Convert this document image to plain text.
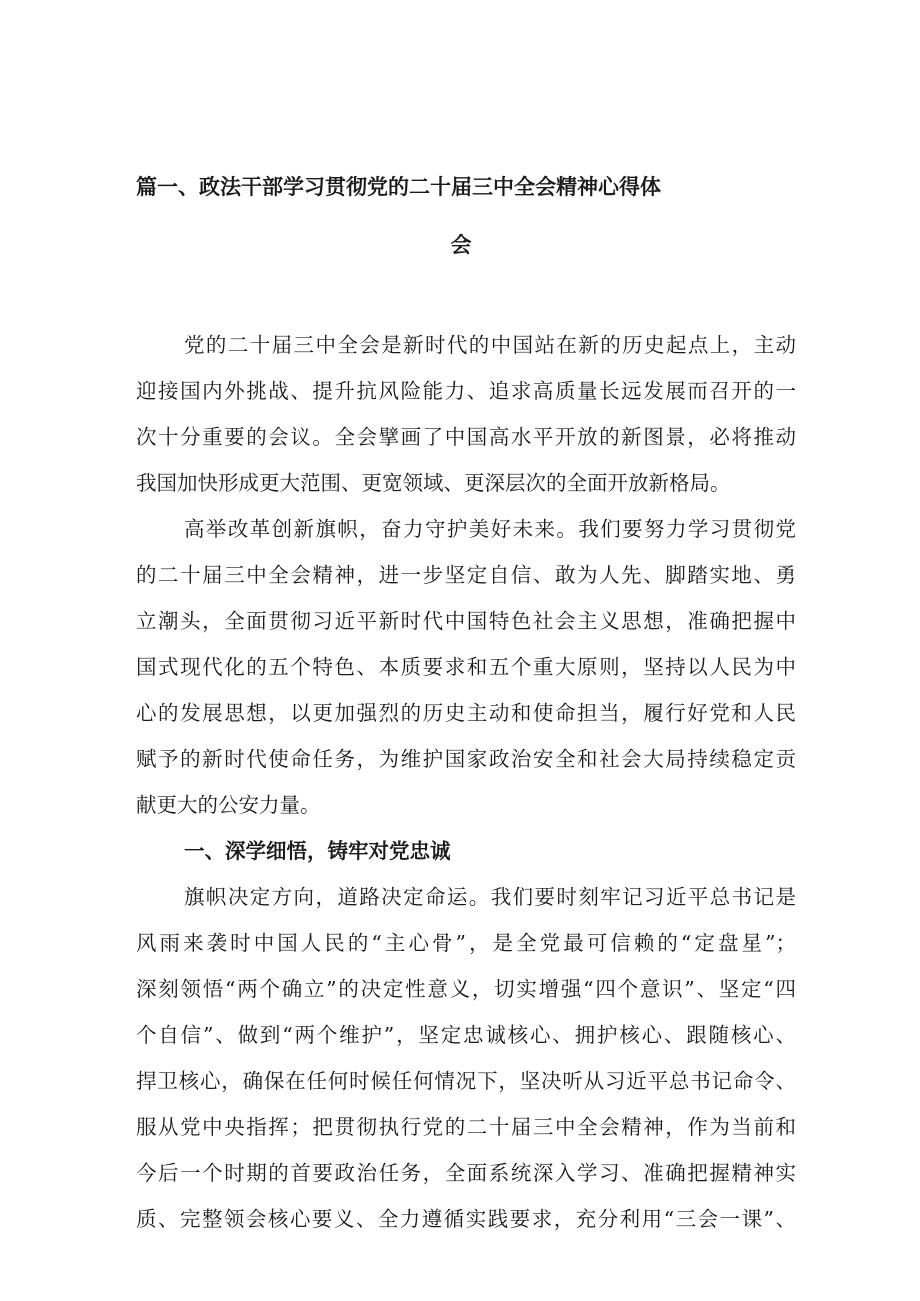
篇一、政法干部学习贯彻党的二十届三中全会精神心得体
会

党的二十届三中全会是新时代的中国站在新的历史起点上，主动

迎接国内外挑战、提升抗风险能力、追求高质量长远发展而召开的一

次十分重要的会议。全会擘画了中国高水平开放的新图景，必将推动

我国加快形成更大范围、更宽领域、更深层次的全面开放新格局。

高举改革创新旗帜，奋力守护美好未来。我们要努力学习贯彻党

的二十届三中全会精神，进一步坚定自信、敢为人先、脚踏实地、勇

立潮头，全面贯彻习近平新时代中国特色社会主义思想，准确把握中

国式现代化的五个特色、本质要求和五个重大原则，坚持以人民为中

心的发展思想，以更加强烈的历史主动和使命担当，履行好党和人民

赋予的新时代使命任务，为维护国家政治安全和社会大局持续稳定贡

献更大的公安力量。

一、深学细悟，铸牢对党忠诚

旗帜决定方向，道路决定命运。我们要时刻牢记习近平总书记是

风雨来袭时中国人民的“主心骨”，是全党最可信赖的“定盘星”；

深刻领悟“两个确立”的决定性意义，切实增强“四个意识”、坚定“四

个自信”、做到“两个维护”，坚定忠诚核心、拥护核心、跟随核心、

捍卫核心，确保在任何时候任何情况下，坚决听从习近平总书记命令、

服从党中央指挥；把贯彻执行党的二十届三中全会精神，作为当前和

今后一个时期的首要政治任务，全面系统深入学习、准确把握精神实

质、完整领会核心要义、全力遵循实践要求，充分利用“三会一课”、
